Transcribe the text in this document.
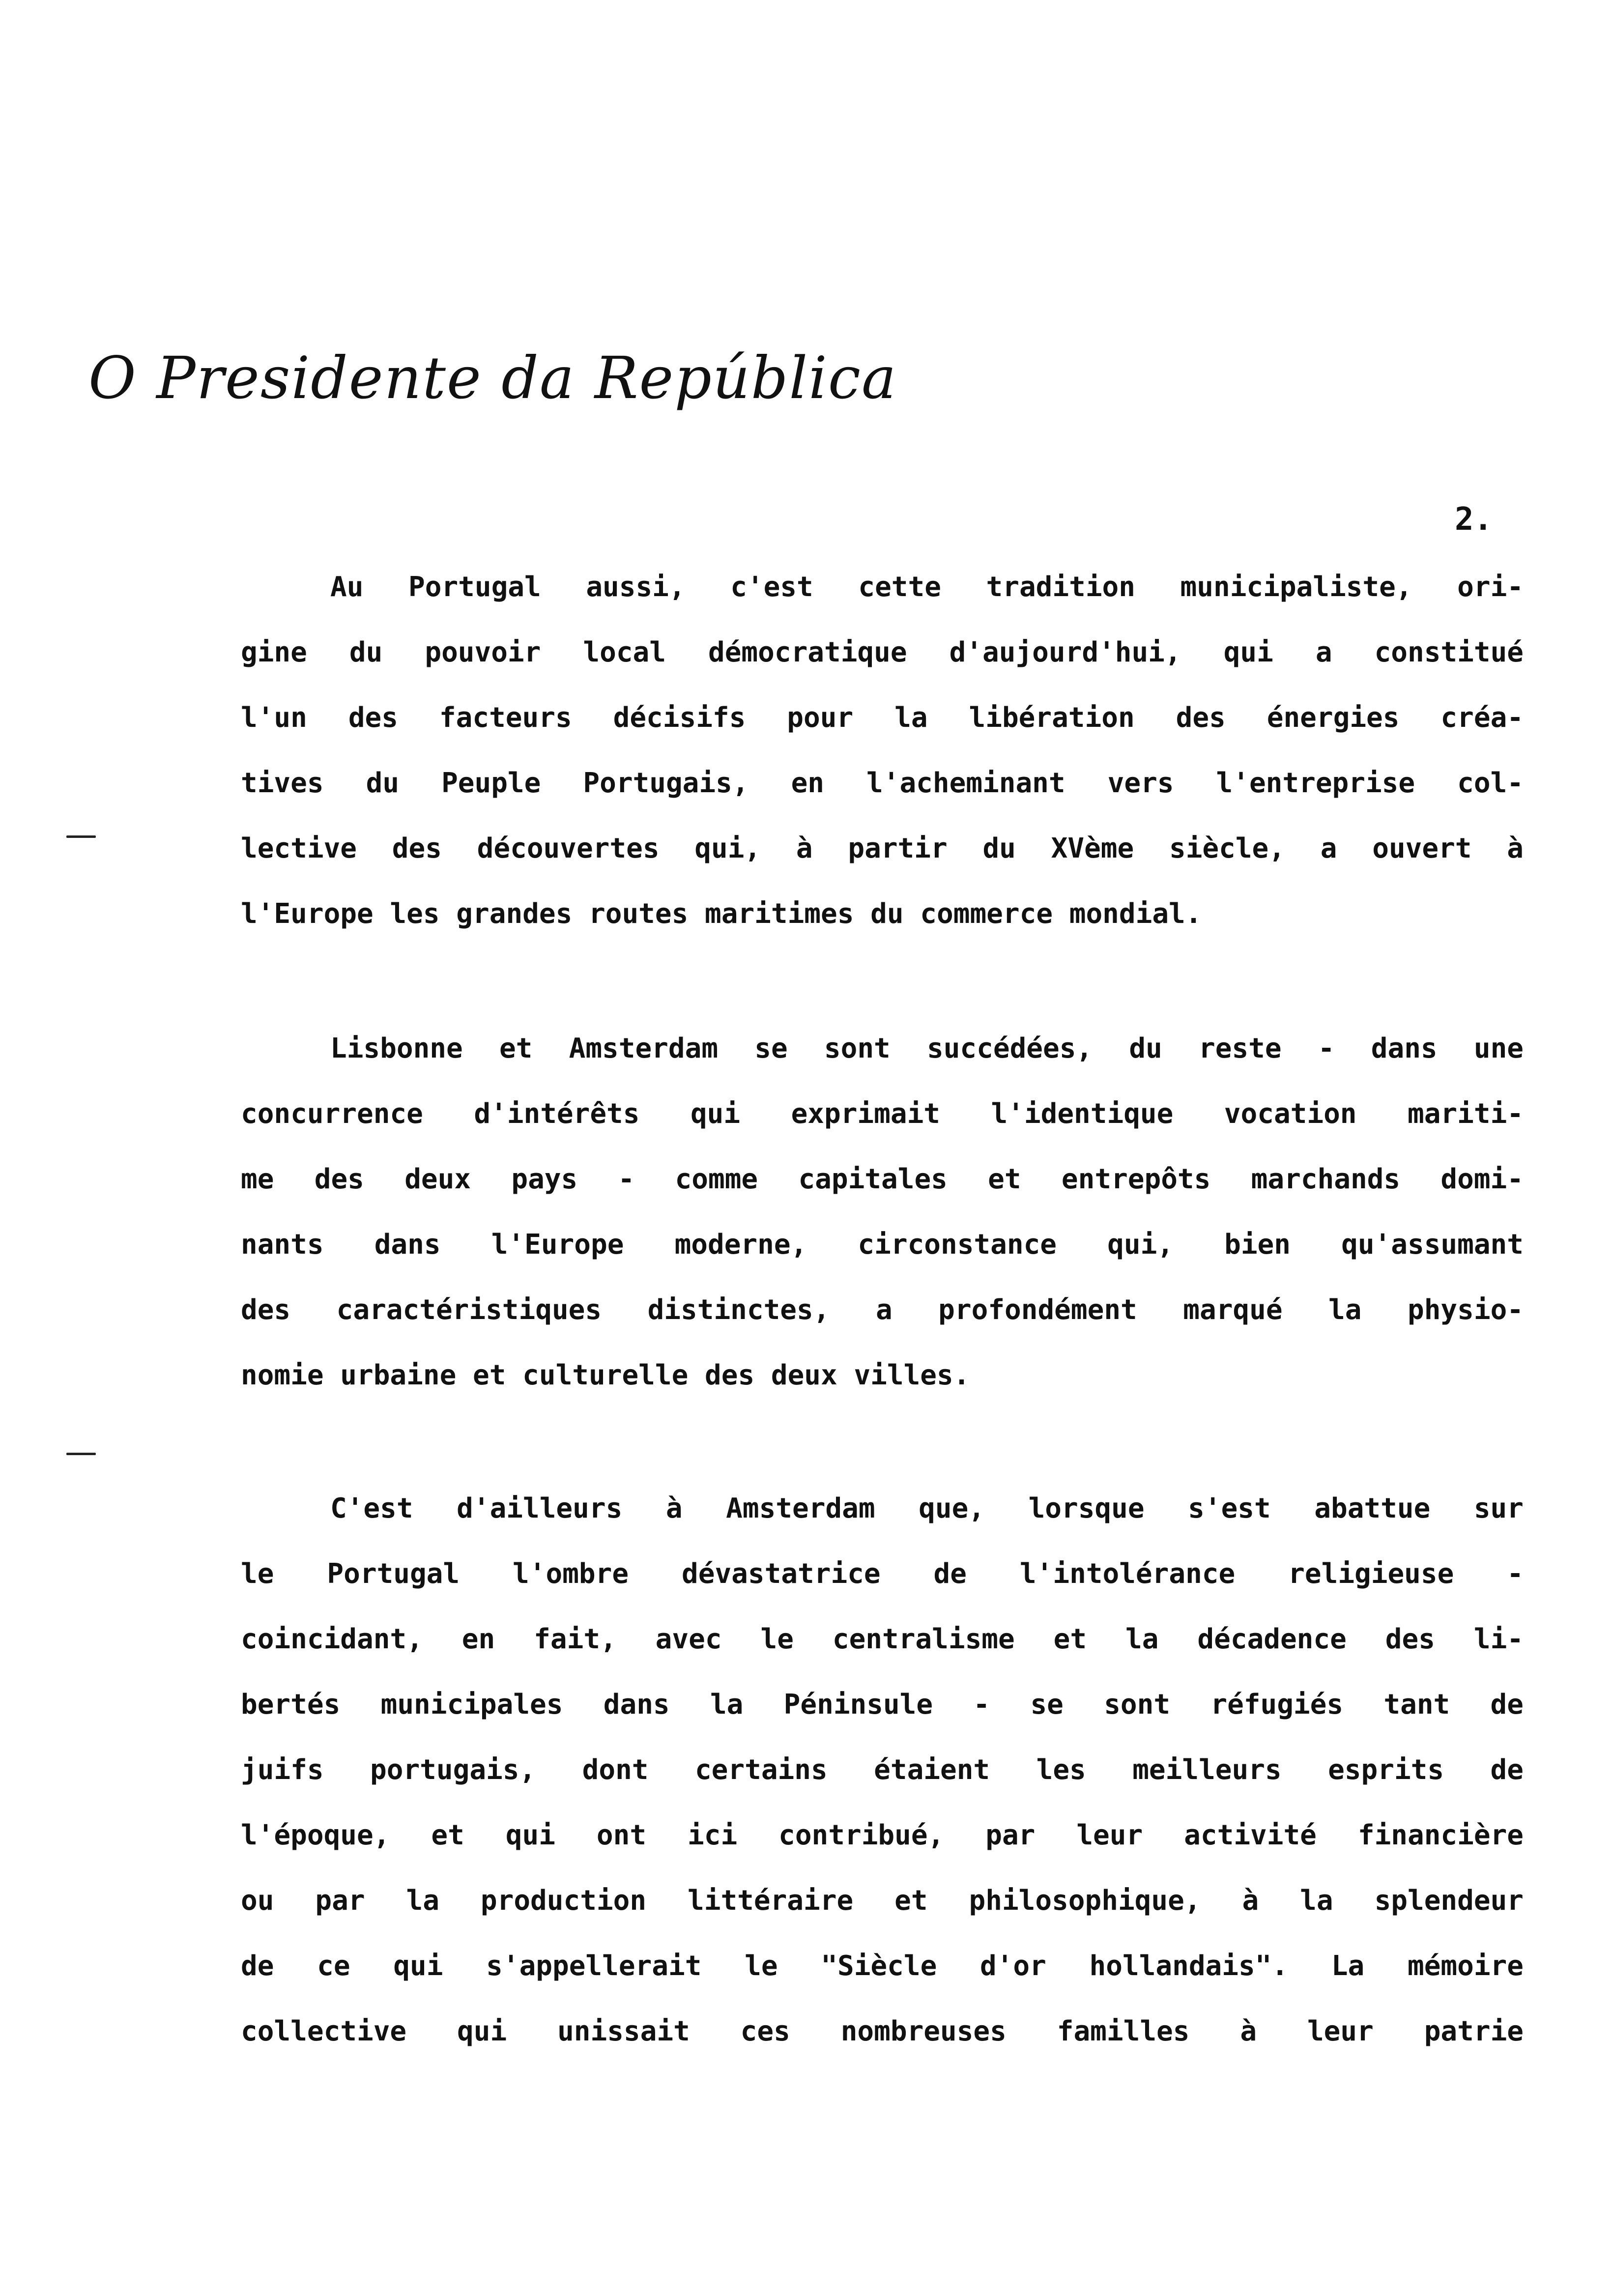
O Presidente da República
2.
Au Portugal aussi, c'est cette tradition municipaliste, ori-
gine du pouvoir local démocratique d'aujourd'hui, qui a constitué
l'un des facteurs décisifs pour la libération des énergies créa-
tives du Peuple Portugais, en l'acheminant vers l'entreprise col-
lective des découvertes qui, à partir du XVème siècle, a ouvert à
l'Europe les grandes routes maritimes du commerce mondial.
Lisbonne et Amsterdam se sont succédées, du reste - dans une
concurrence d'intérêts qui exprimait l'identique vocation mariti-
me des deux pays - comme capitales et entrepôts marchands domi-
nants dans l'Europe moderne, circonstance qui, bien qu'assumant
des caractéristiques distinctes, a profondément marqué la physio-
nomie urbaine et culturelle des deux villes.
C'est d'ailleurs à Amsterdam que, lorsque s'est abattue sur
le Portugal l'ombre dévastatrice de l'intolérance religieuse -
coincidant, en fait, avec le centralisme et la décadence des li-
bertés municipales dans la Péninsule - se sont réfugiés tant de
juifs portugais, dont certains étaient les meilleurs esprits de
l'époque, et qui ont ici contribué, par leur activité financière
ou par la production littéraire et philosophique, à la splendeur
de ce qui s'appellerait le "Siècle d'or hollandais". La mémoire
collective qui unissait ces nombreuses familles à leur patrie
